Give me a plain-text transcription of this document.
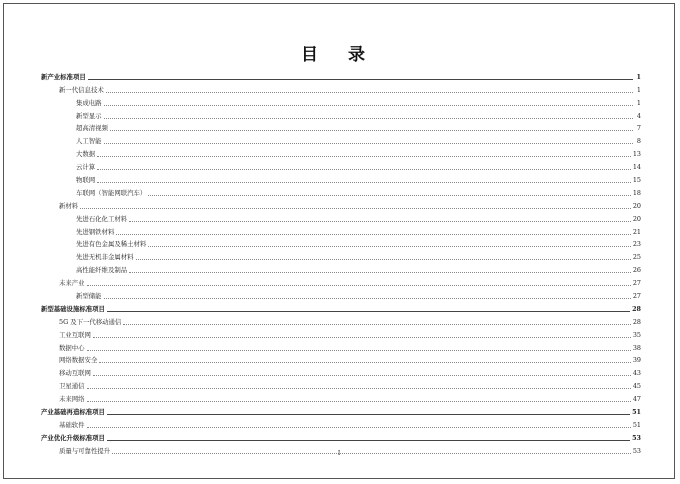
目 录
新产业标准项目	1
新一代信息技术	1
集成电路	1
新型显示	4
超高清视频	7
人工智能	8
大数据	13
云计算	14
物联网	15
车联网（智能网联汽车）	18
新材料	20
先进石化化工材料	20
先进钢铁材料	21
先进有色金属及稀土材料	23
先进无机非金属材料	25
高性能纤维及制品	26
未来产业	27
新型储能	27
新型基础设施标准项目	28
5G 及下一代移动通信	28
工业互联网	35
数据中心	38
网络数据安全	39
移动互联网	43
卫星通信	45
未来网络	47
产业基础再造标准项目	51
基础软件	51
产业优化升级标准项目	53
质量与可靠性提升	53
I
